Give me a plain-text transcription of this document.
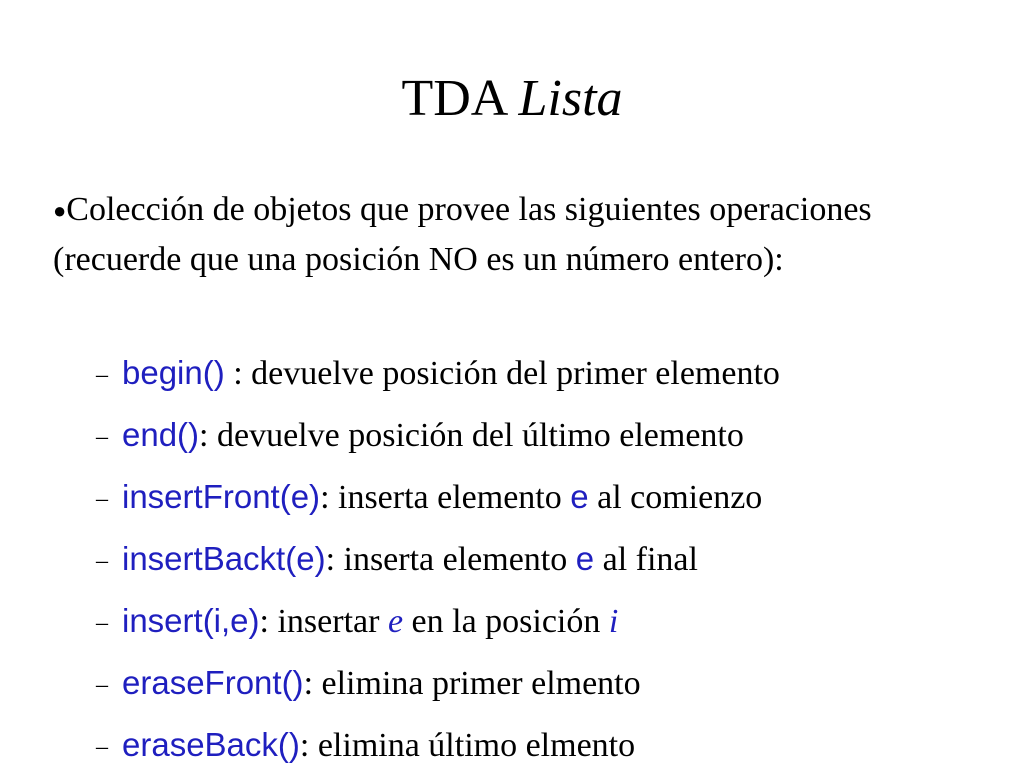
TDA Lista
●Colección de objetos que provee las siguientes operaciones (recuerde que una posición NO es un número entero):
– begin() : devuelve posición del primer elemento
– end(): devuelve posición del último elemento
– insertFront(e): inserta elemento e al comienzo
– insertBackt(e): inserta elemento e al final
– insert(i,e): insertar e en la posición i
– eraseFront(): elimina primer elmento
– eraseBack(): elimina último elmento
